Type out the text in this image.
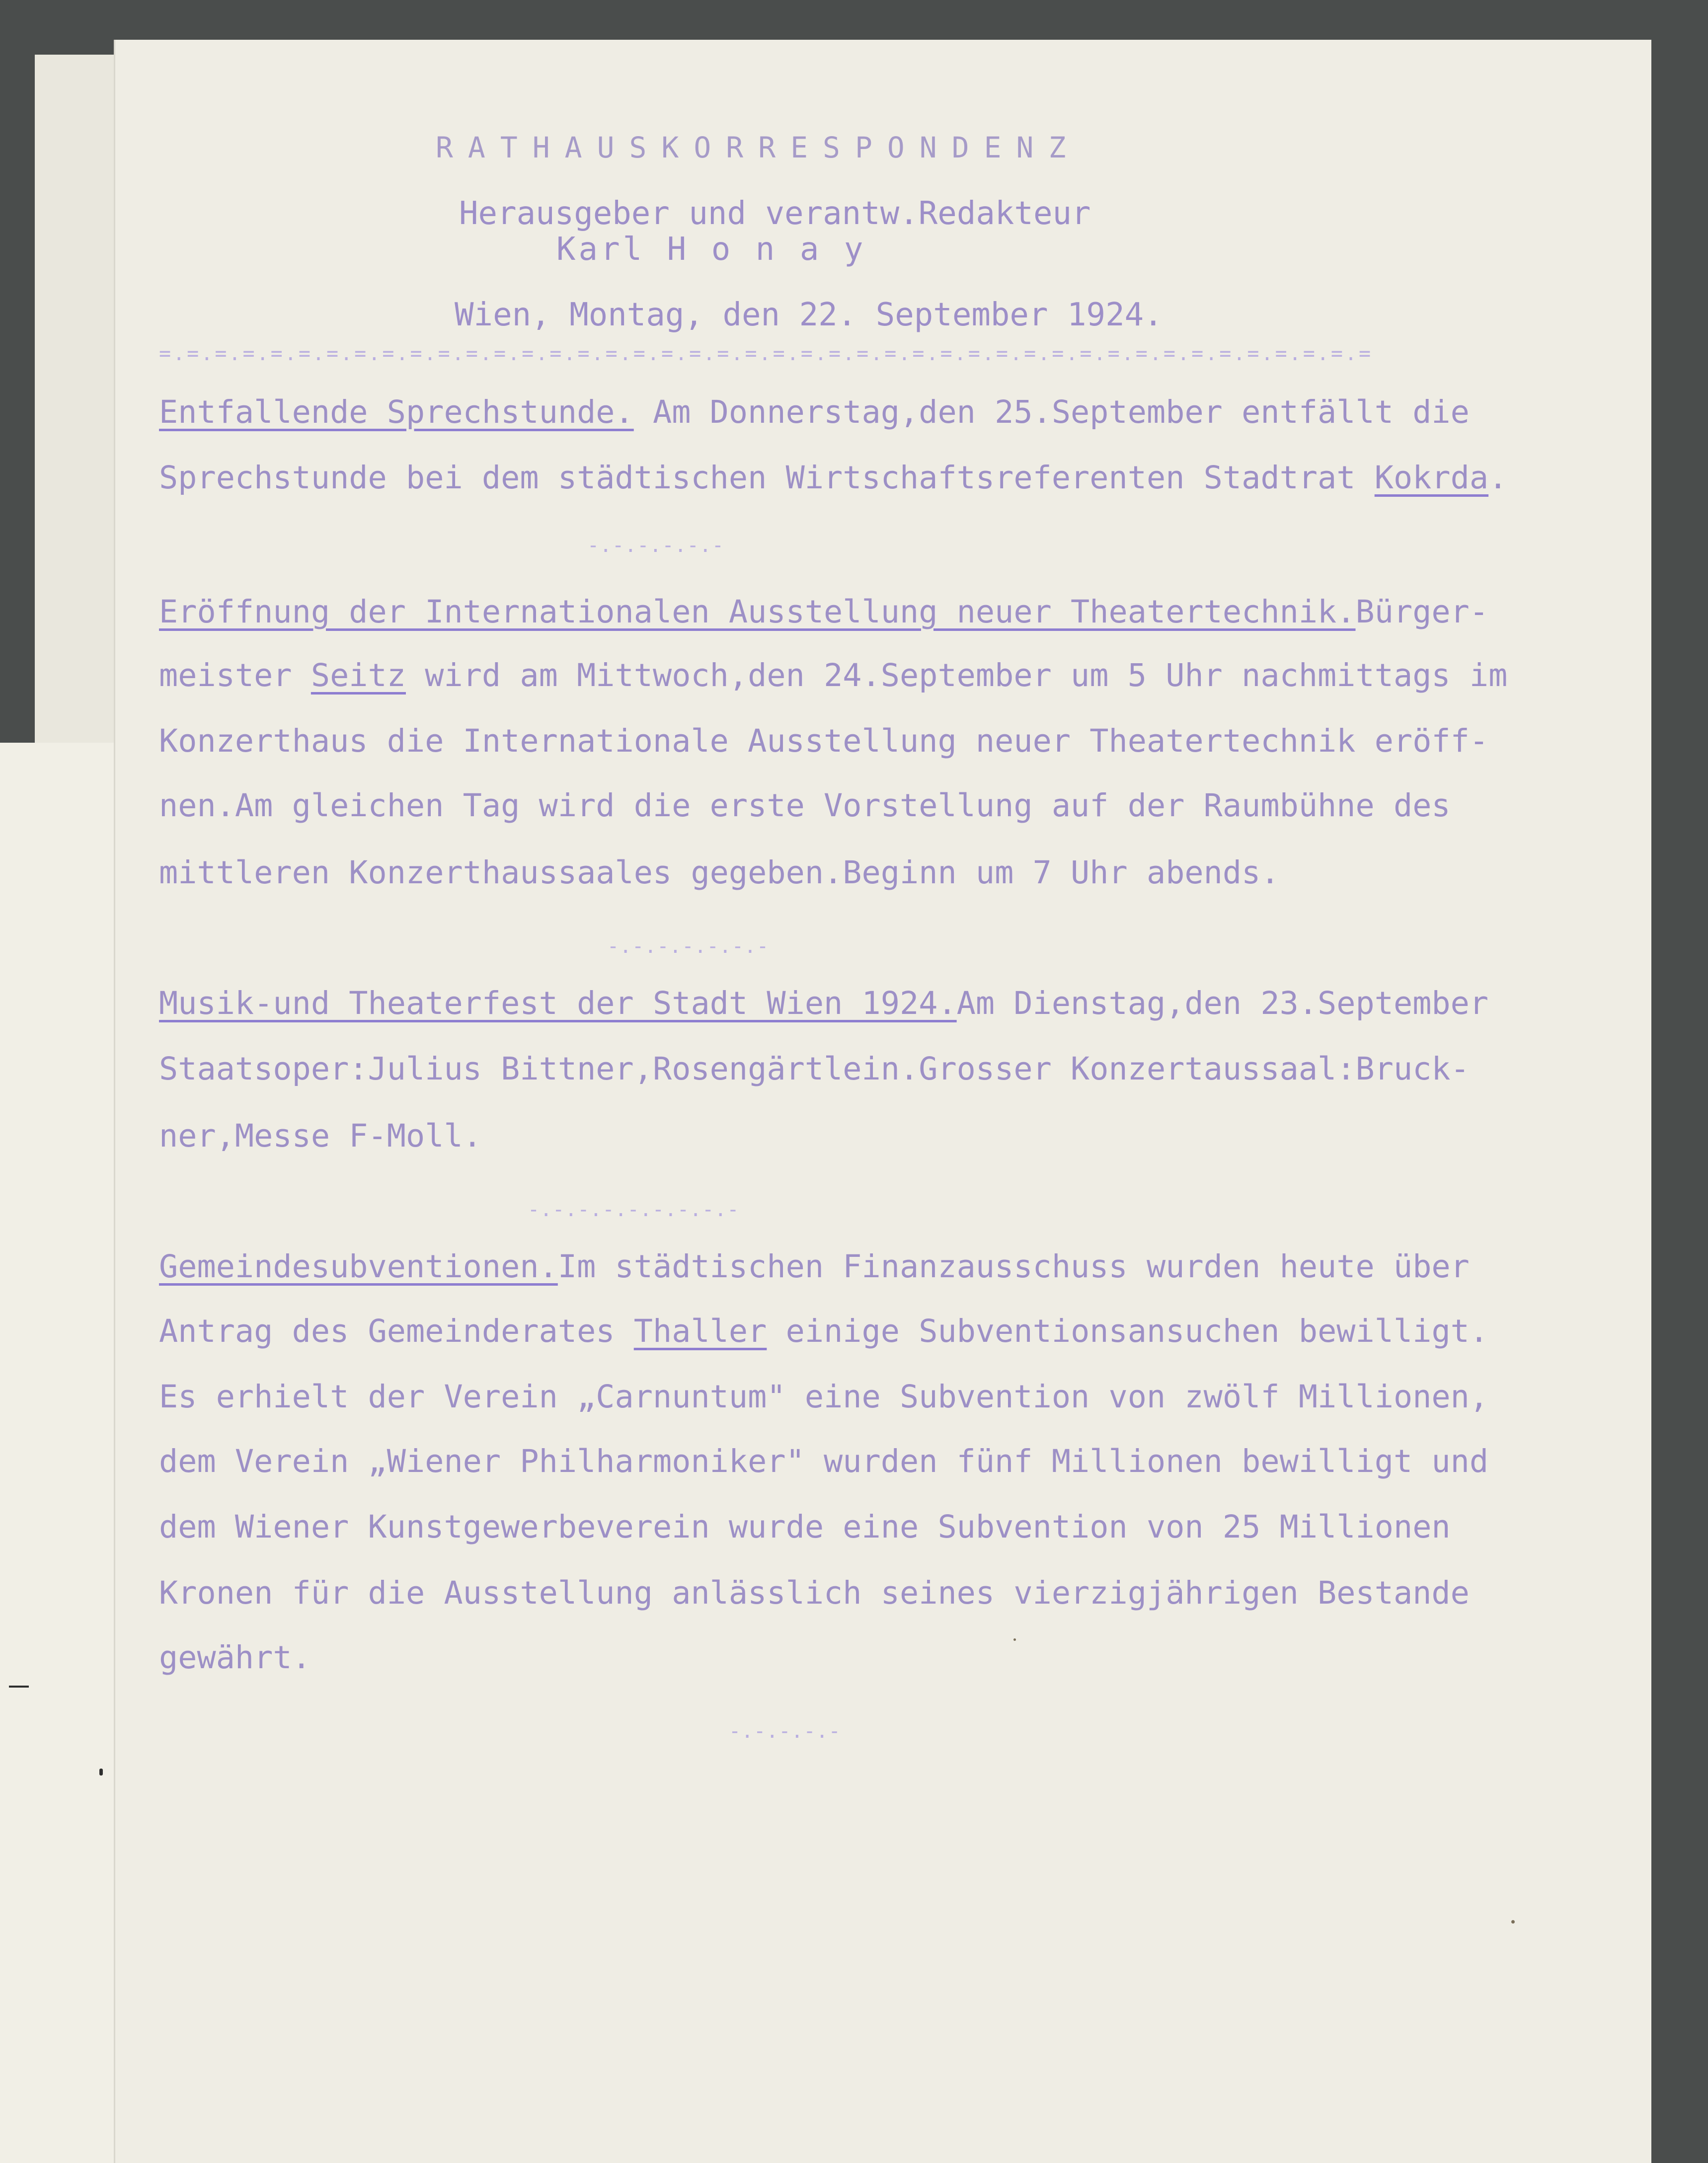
RATHAUSKORRESPONDENZ
Herausgeber und verantw.Redakteur
Karl H o n a y
Wien, Montag, den 22. September 1924.
=.=.=.=.=.=.=.=.=.=.=.=.=.=.=.=.=.=.=.=.=.=.=.=.=.=.=.=.=.=.=.=.=.=.=.=.=.=.=.=.=.=.=.=
Entfallende Sprechstunde. Am Donnerstag,den 25.September entfällt die
Sprechstunde bei dem städtischen Wirtschaftsreferenten Stadtrat Kokrda.
-.-.-.-.-.-
Eröffnung der Internationalen Ausstellung neuer Theatertechnik.Bürger-
meister Seitz wird am Mittwoch,den 24.September um 5 Uhr nachmittags im
Konzerthaus die Internationale Ausstellung neuer Theatertechnik eröff-
nen.Am gleichen Tag wird die erste Vorstellung auf der Raumbühne des
mittleren Konzerthaussaales gegeben.Beginn um 7 Uhr abends.
-.-.-.-.-.-.-
Musik-und Theaterfest der Stadt Wien 1924.Am Dienstag,den 23.September
Staatsoper:Julius Bittner,Rosengärtlein.Grosser Konzertaussaal:Bruck-
ner,Messe F-Moll.
-.-.-.-.-.-.-.-.-
Gemeindesubventionen.Im städtischen Finanzausschuss wurden heute über
Antrag des Gemeinderates Thaller einige Subventionsansuchen bewilligt.
Es erhielt der Verein „Carnuntum" eine Subvention von zwölf Millionen,
dem Verein „Wiener Philharmoniker" wurden fünf Millionen bewilligt und
dem Wiener Kunstgewerbeverein wurde eine Subvention von 25 Millionen
Kronen für die Ausstellung anlässlich seines vierzigjährigen Bestande
gewährt.
-.-.-.-.-
